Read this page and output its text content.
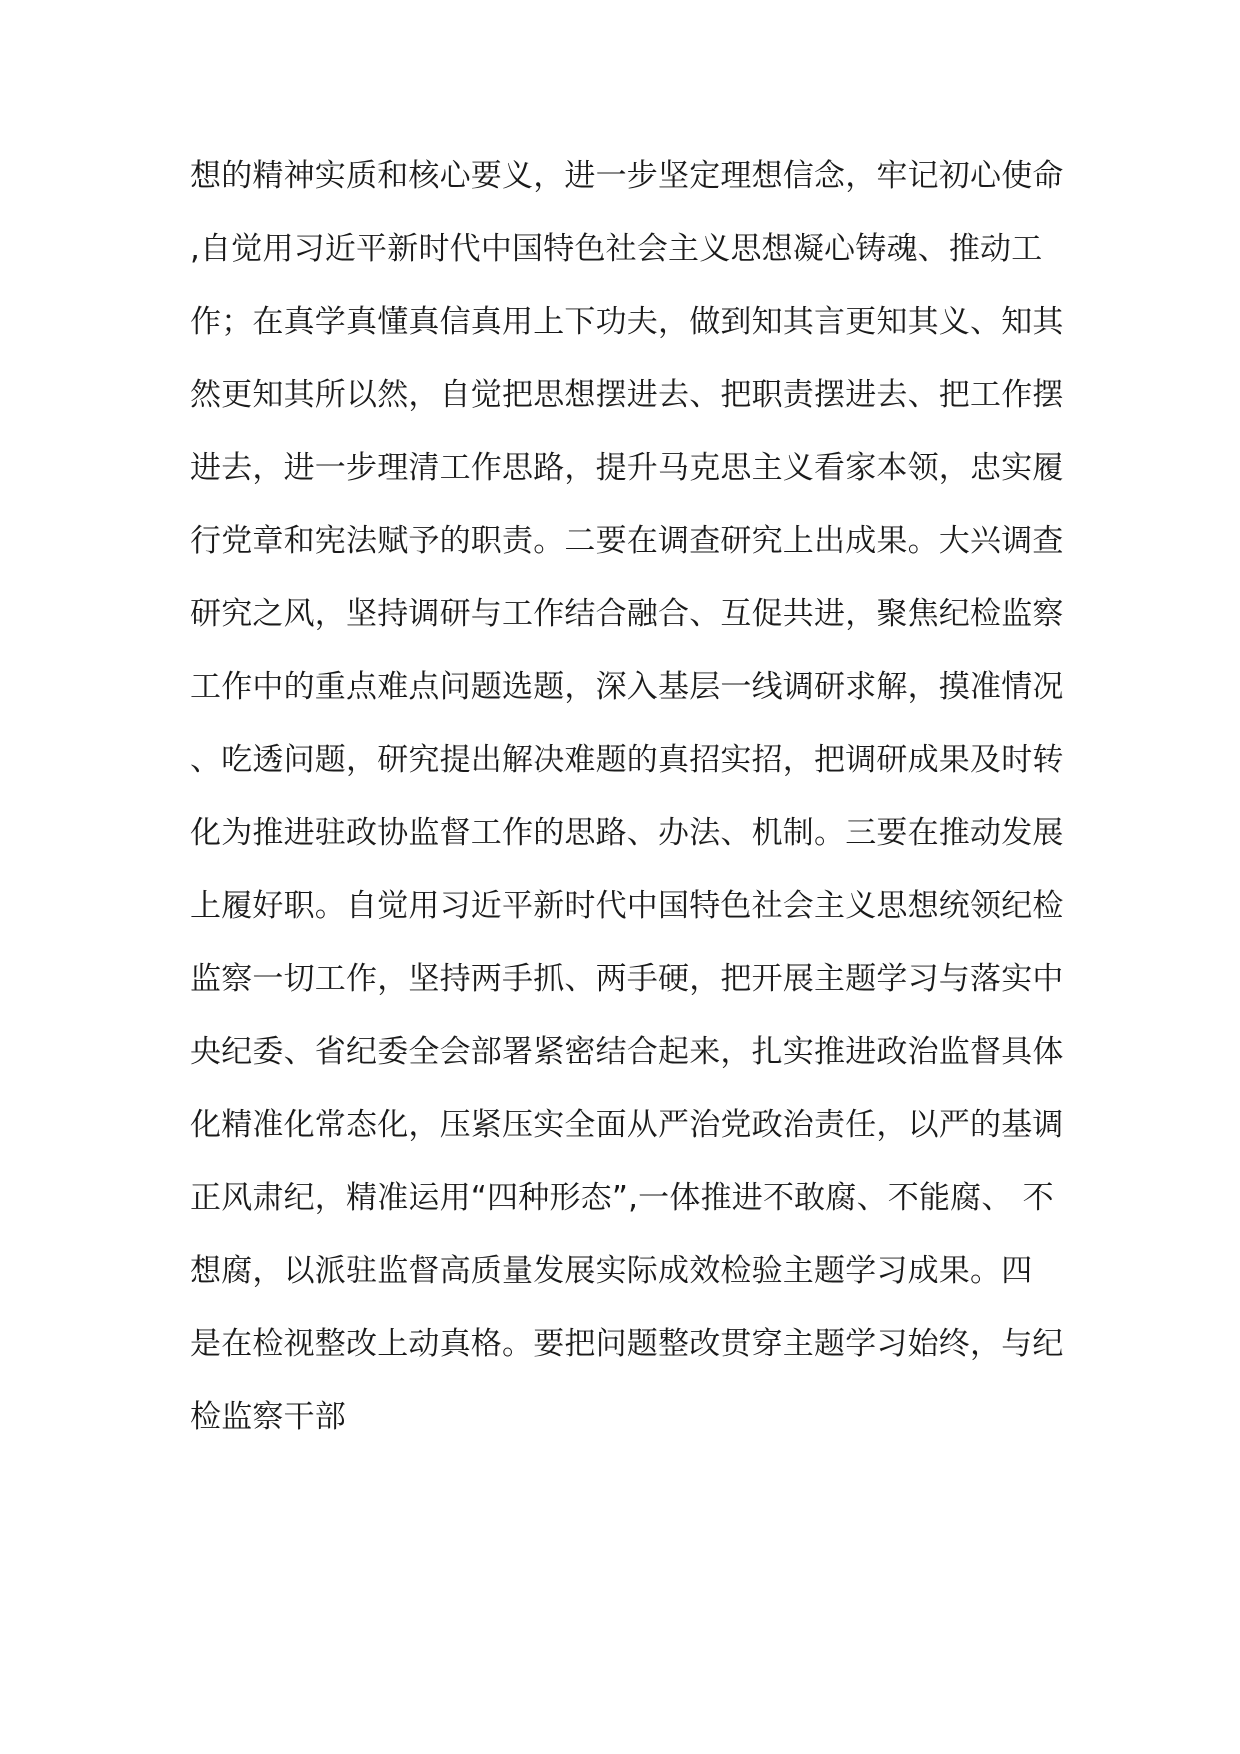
想的精神实质和核心要义，进一步坚定理想信念，牢记初心使命
,自觉用习近平新时代中国特色社会主义思想凝心铸魂、推动工
作；在真学真懂真信真用上下功夫，做到知其言更知其义、知其
然更知其所以然，自觉把思想摆进去、把职责摆进去、把工作摆
进去，进一步理清工作思路，提升马克思主义看家本领，忠实履
行党章和宪法赋予的职责。二要在调查研究上出成果。大兴调查
研究之风，坚持调研与工作结合融合、互促共进，聚焦纪检监察
工作中的重点难点问题选题，深入基层一线调研求解，摸准情况
、吃透问题，研究提出解决难题的真招实招，把调研成果及时转
化为推进驻政协监督工作的思路、办法、机制。三要在推动发展
上履好职。自觉用习近平新时代中国特色社会主义思想统领纪检
监察一切工作，坚持两手抓、两手硬，把开展主题学习与落实中
央纪委、省纪委全会部署紧密结合起来，扎实推进政治监督具体
化精准化常态化，压紧压实全面从严治党政治责任，以严的基调
正风肃纪，精准运用“四种形态”,一体推进不敢腐、不能腐、 不
想腐，以派驻监督高质量发展实际成效检验主题学习成果。四
是在检视整改上动真格。要把问题整改贯穿主题学习始终，与纪
检监察干部
